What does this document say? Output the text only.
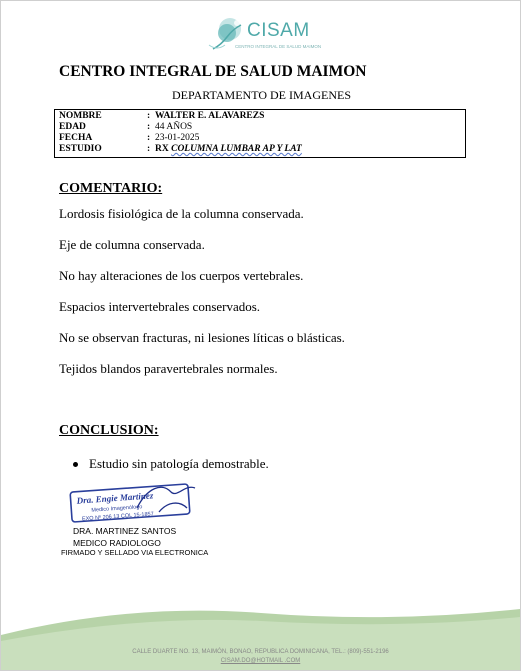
CISAM
CENTRO INTEGRAL DE SALUD MAIMON
CENTRO INTEGRAL DE SALUD MAIMON
DEPARTAMENTO DE IMAGENES
NOMBRE	: WALTER E. ALAVAREZS
EDAD	: 44 AÑOS
FECHA	: 23-01-2025
ESTUDIO	: RX COLUMNA LUMBAR AP Y LAT
COMENTARIO:
Lordosis fisiológica de la columna conservada.
Eje de columna conservada.
No hay alteraciones de los cuerpos vertebrales.
Espacios intervertebrales conservados.
No se observan fracturas, ni lesiones líticas o blásticas.
Tejidos blandos paravertebrales normales.
CONCLUSION:
Estudio sin patología demostrable.
Dra. Engie Martinez
Medico Imagenólogo
EXQ Nº 206 13 COL 15-1857
DRA. MARTINEZ SANTOS
MEDICO RADIOLOGO
FIRMADO Y SELLADO VIA ELECTRONICA
CALLE DUARTE NO. 13, MAIMÓN, BONAO, REPUBLICA DOMINICANA, TEL.: (809)-551-2196
CISAM.DO@HOTMAIL .COM
